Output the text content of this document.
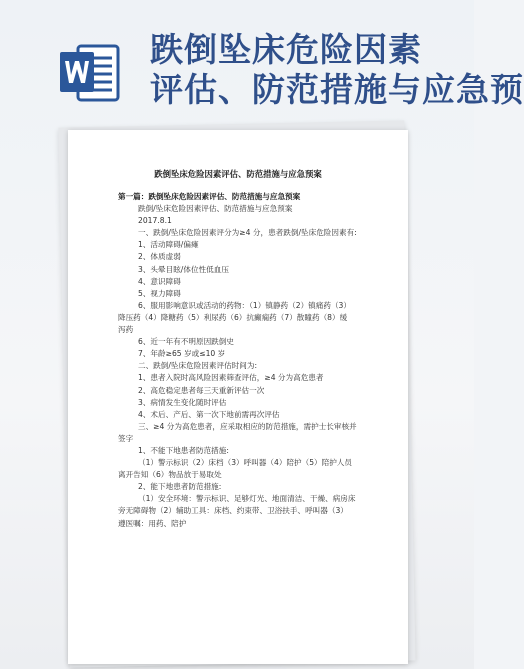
跌倒坠床危险因素
评估、防范措施与应急预
跌倒坠床危险因素评估、防范措施与应急预案
第一篇：跌倒坠床危险因素评估、防范措施与应急预案
跌倒/坠床危险因素评估、防范措施与应急预案
2017.8.1
一、跌倒/坠床危险因素评分为≥4 分，患者跌倒/坠床危险因素有:
1、活动障碍/偏瘫
2、体质虚弱
3、头晕目眩/体位性低血压
4、意识障碍
5、视力障碍
6、服用影响意识或活动的药物：（1）镇静药（2）镇痛药（3）
降压药（4）降糖药（5）利尿药（6）抗癫痫药（7）散瞳药（8）缓
泻药
6、近一年有不明原因跌倒史
7、年龄≥65 岁或≤10 岁
二、跌倒/坠床危险因素评估时间为:
1、患者入院时高风险因素筛查评估，≥4 分为高危患者
2、高危稳定患者每三天重新评估一次
3、病情发生变化随时评估
4、术后、产后、第一次下地前需再次评估
三、≥4 分为高危患者，应采取相应的防范措施，需护士长审核并
签字
1、不能下地患者防范措施:
（1）警示标识（2）床档（3）呼叫器（4）陪护（5）陪护人员
离开告知（6）物品放于易取处
2、能下地患者防范措施:
（1）安全环境：警示标识、足够灯光、地面清洁、干燥、病房床
旁无障碍物（2）辅助工具：床档、约束带、卫浴扶手、呼叫器（3）
遵医嘱：用药、陪护
